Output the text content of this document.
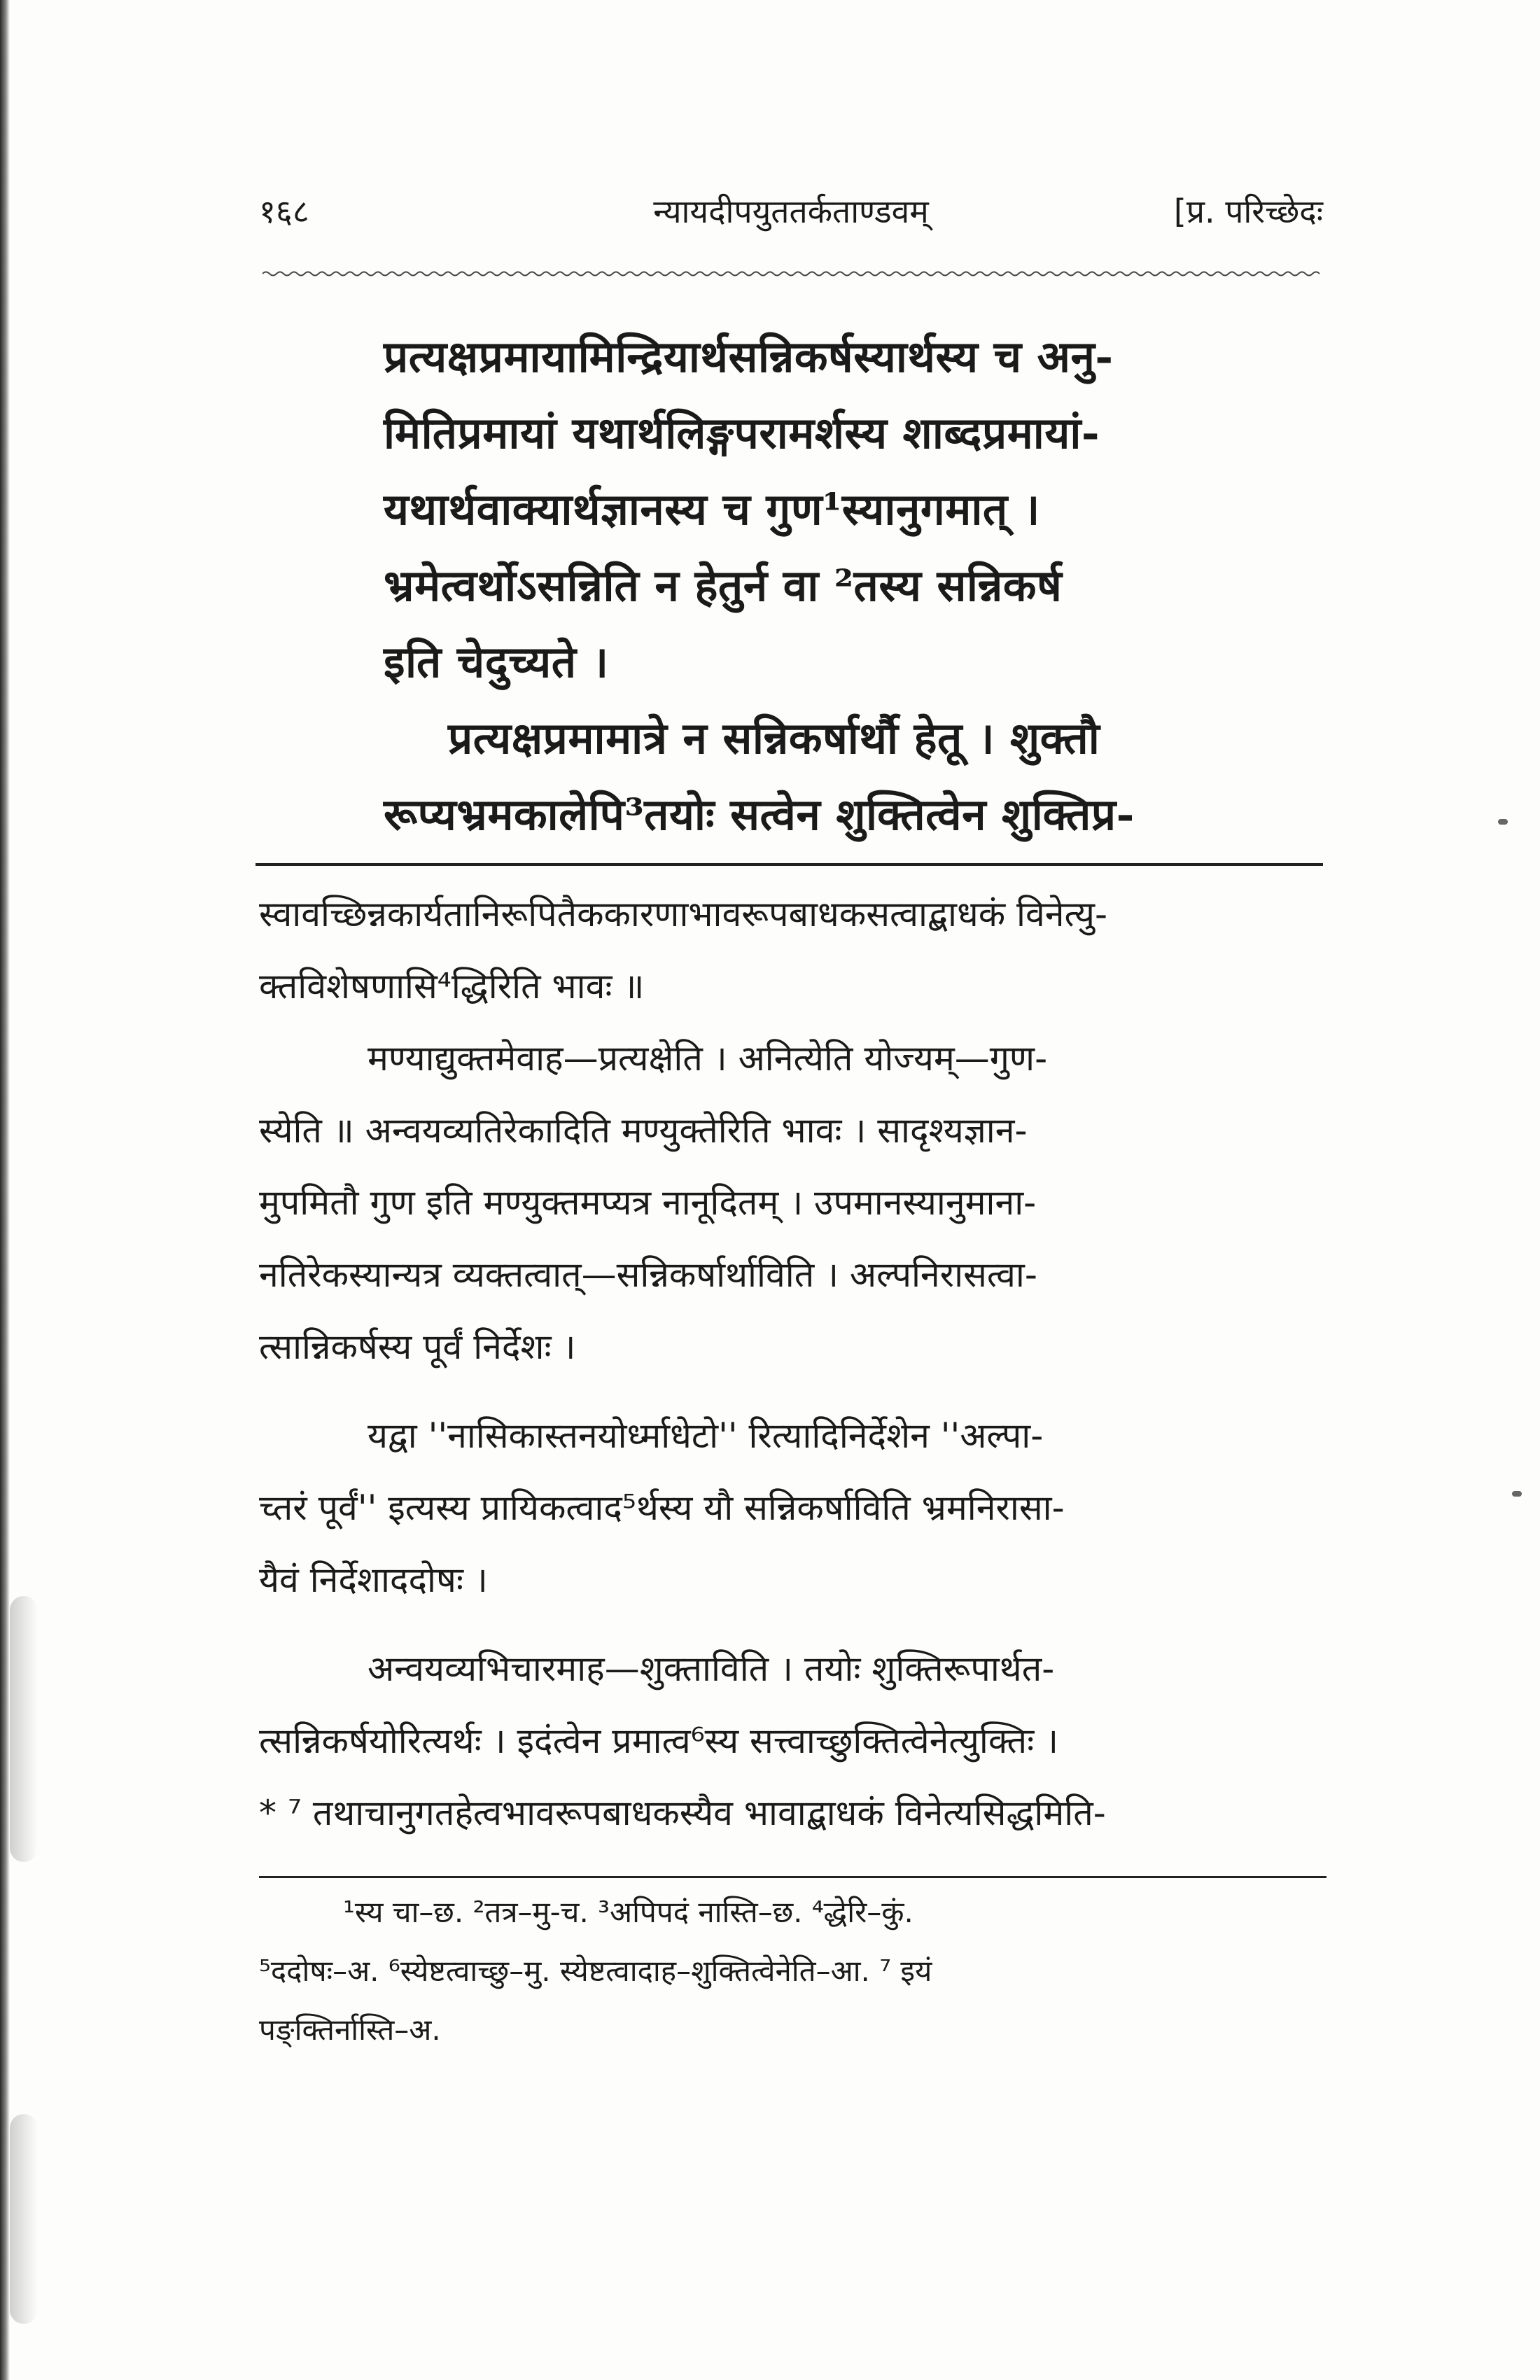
१६८	न्यायदीपयुततर्कताण्डवम्	[प्र. परिच्छेदः
प्रत्यक्षप्रमायामिन्द्रियार्थसन्निकर्षस्यार्थस्य च अनु-
मितिप्रमायां यथार्थलिङ्गपरामर्शस्य शाब्दप्रमायां-
यथार्थवाक्यार्थज्ञानस्य च गुण¹स्यानुगमात् ।
भ्रमेत्वर्थोऽसन्निति न हेतुर्न वा ²तस्य सन्निकर्ष
इति चेदुच्यते ।
प्रत्यक्षप्रमामात्रे न सन्निकर्षार्थौ हेतू । शुक्तौ
रूप्यभ्रमकालेपि³तयोः सत्वेन शुक्तित्वेन शुक्तिप्र-
स्वावच्छिन्नकार्यतानिरूपितैककारणाभावरूपबाधकसत्वाद्बाधकं विनेत्यु-
क्तविशेषणासि⁴द्धिरिति भावः ॥
मण्याद्युक्तमेवाह—प्रत्यक्षेति । अनित्येति योज्यम्—गुण-
स्येति ॥ अन्वयव्यतिरेकादिति मण्युक्तेरिति भावः । सादृश्यज्ञान-
मुपमितौ गुण इति मण्युक्तमप्यत्र नानूदितम् । उपमानस्यानुमाना-
नतिरेकस्यान्यत्र व्यक्तत्वात्—सन्निकर्षार्थाविति । अल्पनिरासत्वा-
त्सान्निकर्षस्य पूर्वं निर्देशः ।
यद्वा ''नासिकास्तनयोर्ध्माधेटो'' रित्यादिनिर्देशेन ''अल्पा-
च्तरं पूर्वं'' इत्यस्य प्रायिकत्वाद⁵र्थस्य यौ सन्निकर्षाविति भ्रमनिरासा-
यैवं निर्देशाददोषः ।
अन्वयव्यभिचारमाह—शुक्ताविति । तयोः शुक्तिरूपार्थत-
त्सन्निकर्षयोरित्यर्थः । इदंत्वेन प्रमात्व⁶स्य सत्त्वाच्छुक्तित्वेनेत्युक्तिः ।
* ⁷ तथाचानुगतहेत्वभावरूपबाधकस्यैव भावाद्बाधकं विनेत्यसिद्धमिति-
¹स्य चा–छ. ²तत्र–मु-च. ³अपिपदं नास्ति–छ. ⁴द्धेरि–कुं.
⁵ददोषः–अ. ⁶स्येष्टत्वाच्छु–मु. स्येष्टत्वादाह–शुक्तित्वेनेति–आ. ⁷ इयं
पङ्क्तिर्नास्ति–अ.
